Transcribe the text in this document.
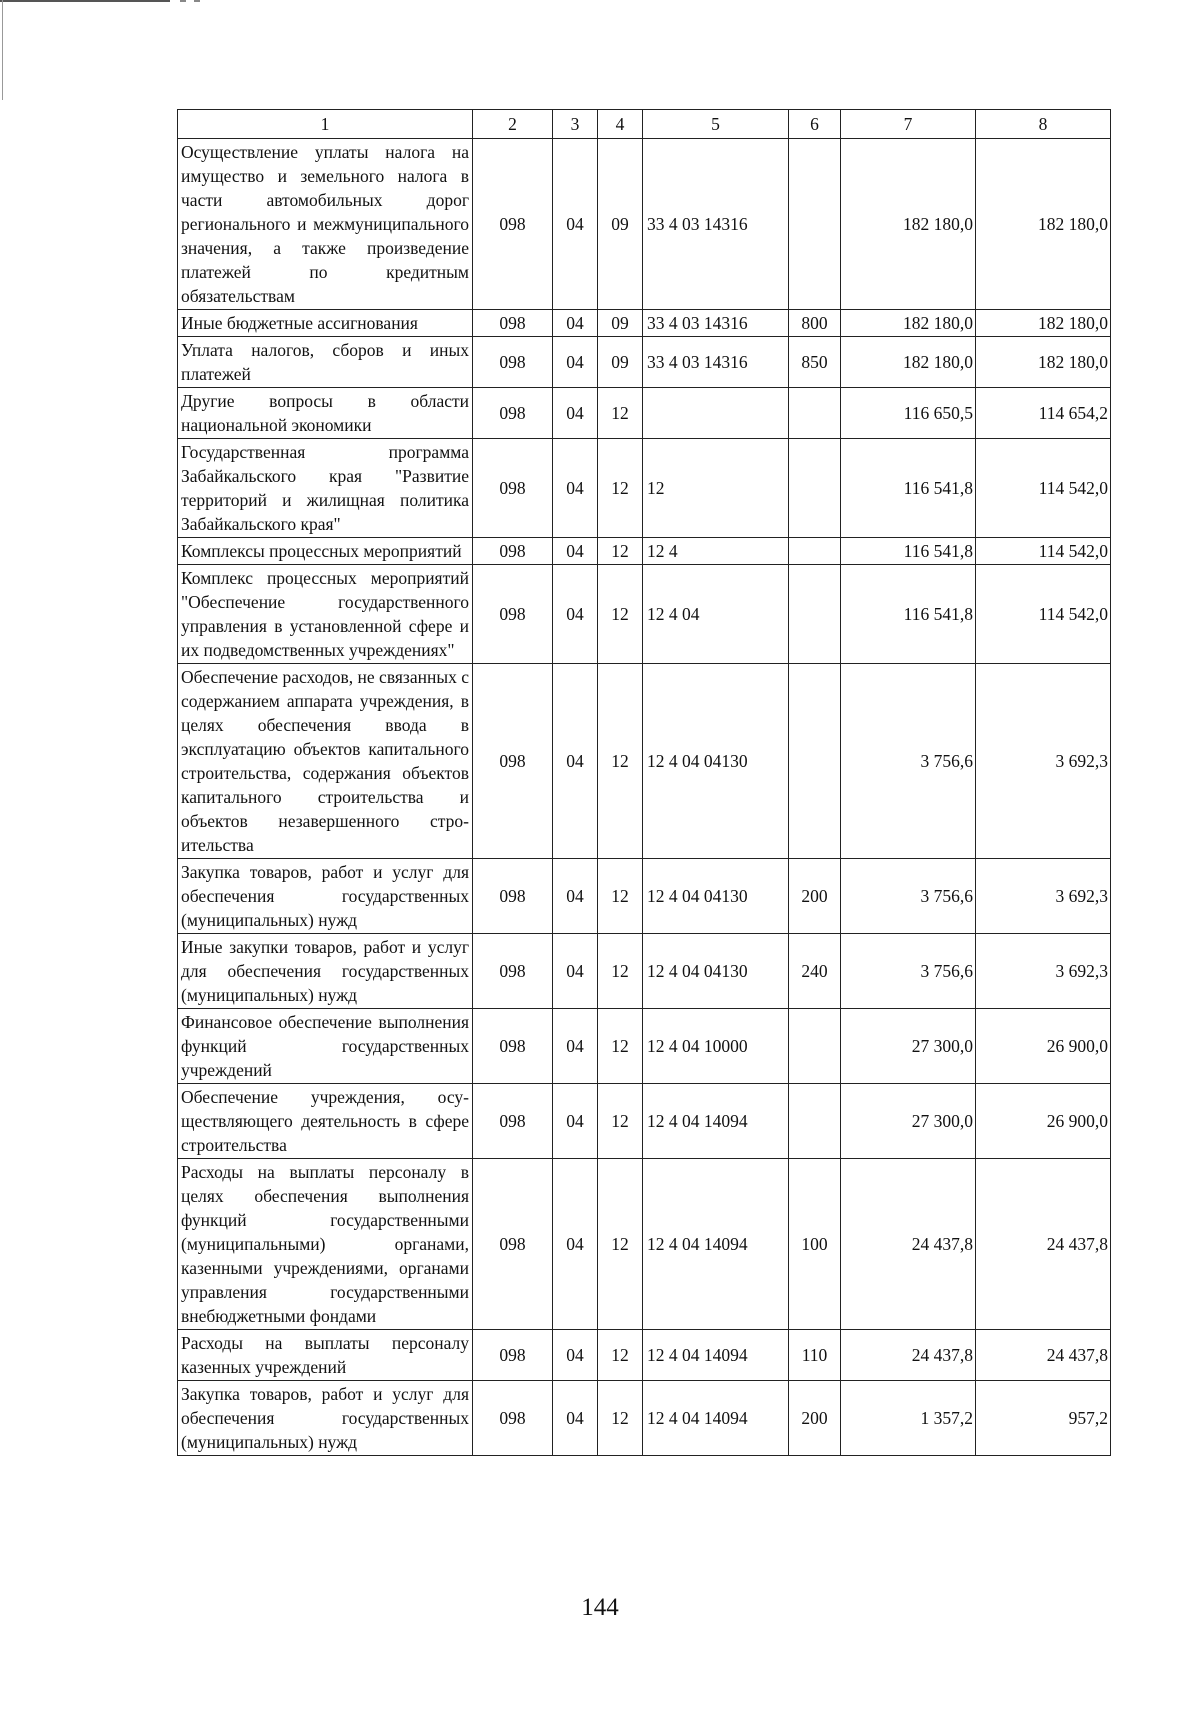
1	2	3	4	5	6	7	8
Осуществление уплаты налога на имущество и земельного налога в части автомобильных дорог регионального и межмуниципального значения, а также произведение платежей по кредитным обязательствам	098	04	09	33 4 03 14316		182 180,0	182 180,0
Иные бюджетные ассигнования	098	04	09	33 4 03 14316	800	182 180,0	182 180,0
Уплата налогов, сборов и иных платежей	098	04	09	33 4 03 14316	850	182 180,0	182 180,0
Другие вопросы в области национальной экономики	098	04	12			116 650,5	114 654,2
Государственная программа Забайкальского края "Развитие территорий и жилищная политика Забайкальского края"	098	04	12	12		116 541,8	114 542,0
Комплексы процессных мероприятий	098	04	12	12 4		116 541,8	114 542,0
Комплекс процессных мероприятий "Обеспечение государственного управления в установленной сфере и их подведомственных учреждениях"	098	04	12	12 4 04		116 541,8	114 542,0
Обеспечение расходов, не связанных с содержанием аппарата учреждения, в целях обеспечения ввода в эксплуатацию объектов капитального строительства, содержания объектов капитального строительства и объектов незавершенного строительства	098	04	12	12 4 04 04130		3 756,6	3 692,3
Закупка товаров, работ и услуг для обеспечения государственных (муниципальных) нужд	098	04	12	12 4 04 04130	200	3 756,6	3 692,3
Иные закупки товаров, работ и услуг для обеспечения государственных (муниципальных) нужд	098	04	12	12 4 04 04130	240	3 756,6	3 692,3
Финансовое обеспечение выполнения функций государственных учреждений	098	04	12	12 4 04 10000		27 300,0	26 900,0
Обеспечение учреждения, осуществляющего деятельность в сфере строительства	098	04	12	12 4 04 14094		27 300,0	26 900,0
Расходы на выплаты персоналу в целях обеспечения выполнения функций государственными (муниципальными) органами, казенными учреждениями, органами управления государственными внебюджетными фондами	098	04	12	12 4 04 14094	100	24 437,8	24 437,8
Расходы на выплаты персоналу казенных учреждений	098	04	12	12 4 04 14094	110	24 437,8	24 437,8
Закупка товаров, работ и услуг для обеспечения государственных (муниципальных) нужд	098	04	12	12 4 04 14094	200	1 357,2	957,2
144
